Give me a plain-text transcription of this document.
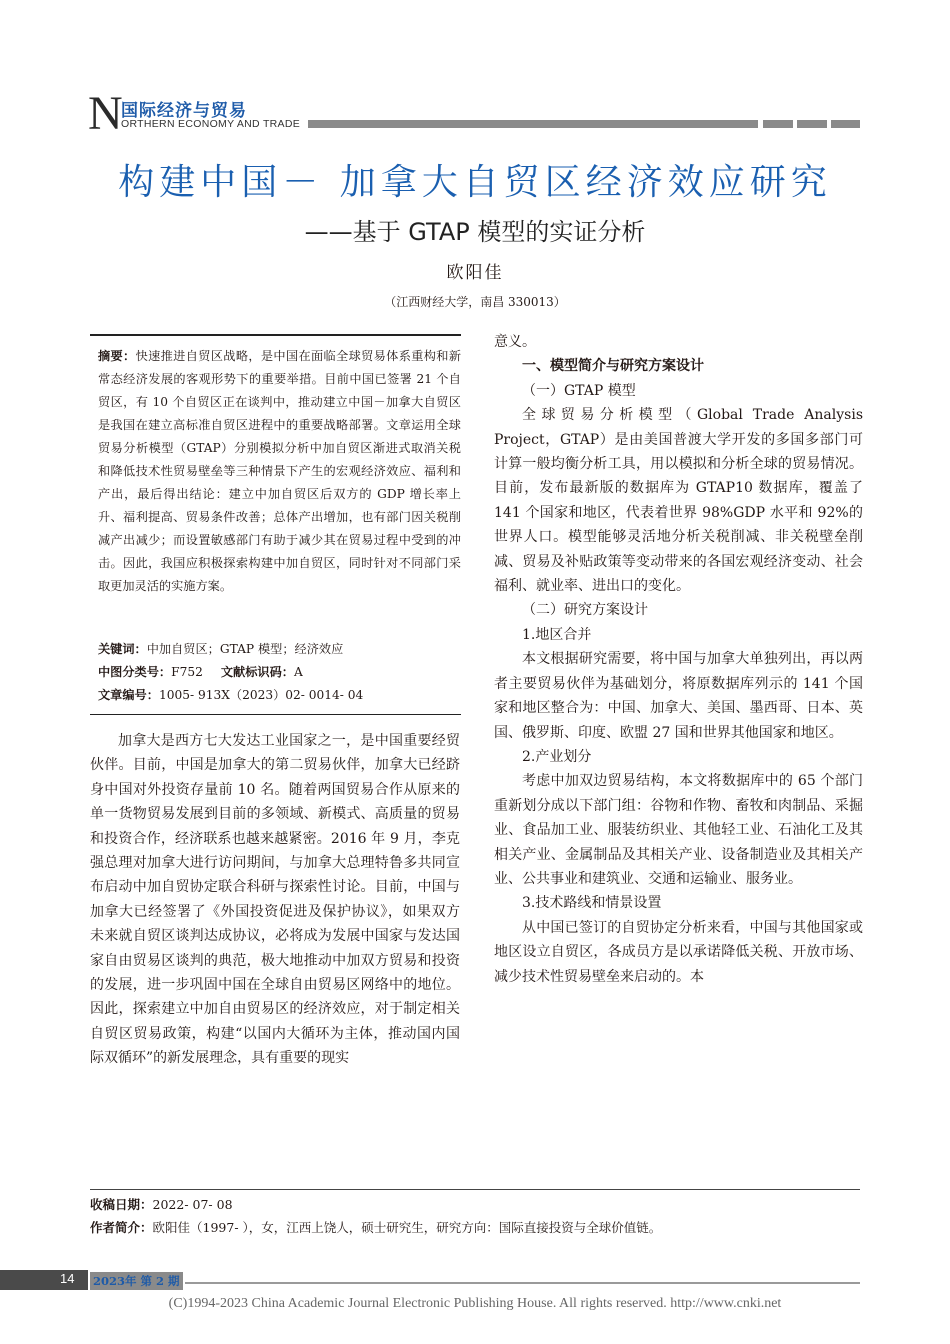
N
国际经济与贸易
ORTHERN ECONOMY AND TRADE
构建中国－ 加拿大自贸区经济效应研究
——基于 GTAP 模型的实证分析
欧阳佳
（江西财经大学，南昌 330013）
摘要：快速推进自贸区战略，是中国在面临全球贸易体系重构和新常态经济发展的客观形势下的重要举措。目前中国已签署 21 个自贸区，有 10 个自贸区正在谈判中，推动建立中国－加拿大自贸区是我国在建立高标准自贸区进程中的重要战略部署。文章运用全球贸易分析模型（GTAP）分别模拟分析中加自贸区渐进式取消关税和降低技术性贸易壁垒等三种情景下产生的宏观经济效应、福利和产出，最后得出结论：建立中加自贸区后双方的 GDP 增长率上升、福利提高、贸易条件改善；总体产出增加，也有部门因关税削减产出减少；而设置敏感部门有助于减少其在贸易过程中受到的冲击。因此，我国应积极探索构建中加自贸区，同时针对不同部门采取更加灵活的实施方案。
关键词：中加自贸区；GTAP 模型；经济效应
中图分类号：F752 文献标识码：A
文章编号：1005- 913X（2023）02- 0014- 04

加拿大是西方七大发达工业国家之一，是中国重要经贸伙伴。目前，中国是加拿大的第二贸易伙伴，加拿大已经跻身中国对外投资存量前 10 名。随着两国贸易合作从原来的单一货物贸易发展到目前的多领域、新模式、高质量的贸易和投资合作，经济联系也越来越紧密。2016 年 9 月，李克强总理对加拿大进行访问期间，与加拿大总理特鲁多共同宣布启动中加自贸协定联合科研与探索性讨论。目前，中国与加拿大已经签署了《外国投资促进及保护协议》，如果双方未来就自贸区谈判达成协议，必将成为发展中国家与发达国家自由贸易区谈判的典范，极大地推动中加双方贸易和投资的发展，进一步巩固中国在全球自由贸易区网络中的地位。因此，探索建立中加自由贸易区的经济效应，对于制定相关自贸区贸易政策，构建“以国内大循环为主体，推动国内国际双循环”的新发展理念，具有重要的现实

意义。

一、模型简介与研究方案设计

（一）GTAP 模型

全球贸易分析模型（Global Trade Analysis Project，GTAP）是由美国普渡大学开发的多国多部门可计算一般均衡分析工具，用以模拟和分析全球的贸易情况。目前，发布最新版的数据库为 GTAP10 数据库，覆盖了 141 个国家和地区，代表着世界 98%GDP 水平和 92%的世界人口。模型能够灵活地分析关税削减、非关税壁垒削减、贸易及补贴政策等变动带来的各国宏观经济变动、社会福利、就业率、进出口的变化。

（二）研究方案设计

1.地区合并

本文根据研究需要，将中国与加拿大单独列出，再以两者主要贸易伙伴为基础划分，将原数据库列示的 141 个国家和地区整合为：中国、加拿大、美国、墨西哥、日本、英国、俄罗斯、印度、欧盟 27 国和世界其他国家和地区。

2.产业划分

考虑中加双边贸易结构，本文将数据库中的 65 个部门重新划分成以下部门组：谷物和作物、畜牧和肉制品、采掘业、食品加工业、服装纺织业、其他轻工业、石油化工及其相关产业、金属制品及其相关产业、设备制造业及其相关产业、公共事业和建筑业、交通和运输业、服务业。

3.技术路线和情景设置

从中国已签订的自贸协定分析来看，中国与其他国家或地区设立自贸区，各成员方是以承诺降低关税、开放市场、减少技术性贸易壁垒来启动的。本

收稿日期：2022- 07- 08
作者简介：欧阳佳（1997- ），女，江西上饶人，硕士研究生，研究方向：国际直接投资与全球价值链。
14 2023年 第 2 期
(C)1994-2023 China Academic Journal Electronic Publishing House. All rights reserved. http://www.cnki.net
